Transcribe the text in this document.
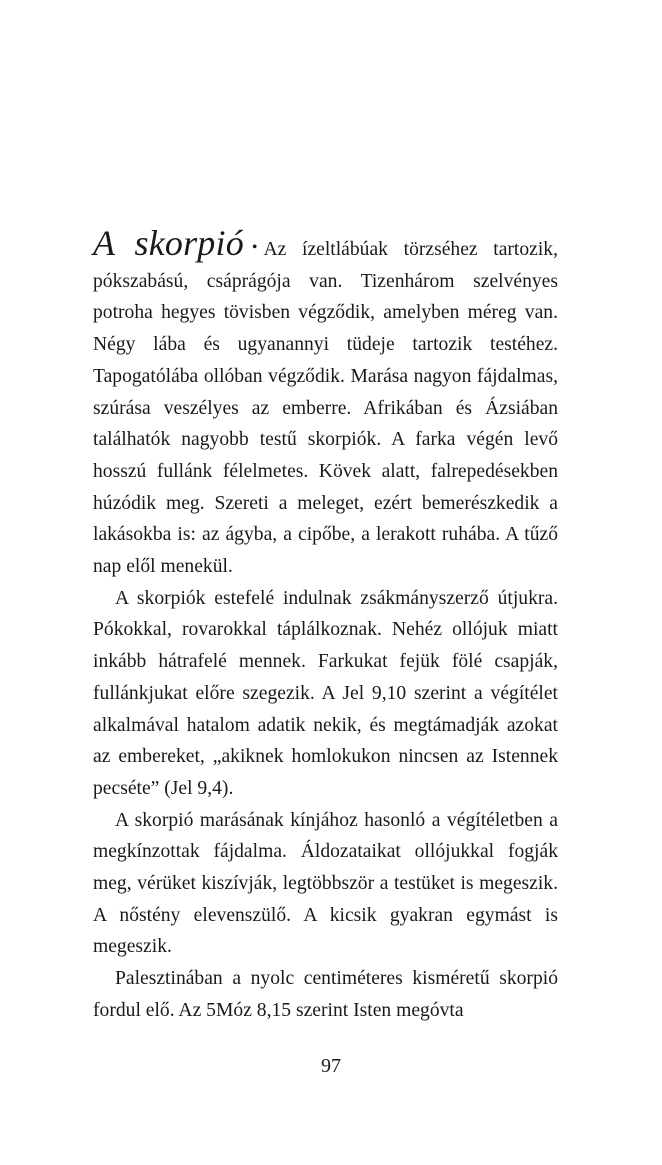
A skorpió • Az ízeltlábúak törzséhez tartozik, pókszabású, csáprágója van. Tizenhárom szelvényes potroha hegyes tövisben végződik, amelyben méreg van. Négy lába és ugyanannyi tüdeje tartozik testéhez. Tapogatólába ollóban végződik. Marása nagyon fájdalmas, szúrása veszélyes az emberre. Afrikában és Ázsiában találhatók nagyobb testű skorpiók. A farka végén levő hosszú fullánk félelmetes. Kövek alatt, falrepedésekben húzódik meg. Szereti a meleget, ezért bemerészkedik a lakásokba is: az ágyba, a cipőbe, a lerakott ruhába. A tűző nap elől menekül.

A skorpiók estefelé indulnak zsákmányszerző útjukra. Pókokkal, rovarokkal táplálkoznak. Nehéz ollójuk miatt inkább hátrafelé mennek. Farkukat fejük fölé csapják, fullánkjukat előre szegezik. A Jel 9,10 szerint a végítélet alkalmával hatalom adatik nekik, és megtámadják azokat az embereket, „akiknek homlokukon nincsen az Istennek pecséte” (Jel 9,4).

A skorpió marásának kínjához hasonló a végítéletben a megkínzottak fájdalma. Áldozataikat ollójukkal fogják meg, vérüket kiszívják, legtöbbször a testüket is megeszik. A nőstény elevenszülő. A kicsik gyakran egymást is megeszik.

Palesztinában a nyolc centiméteres kisméretű skorpió fordul elő. Az 5Móz 8,15 szerint Isten megóvta

97
